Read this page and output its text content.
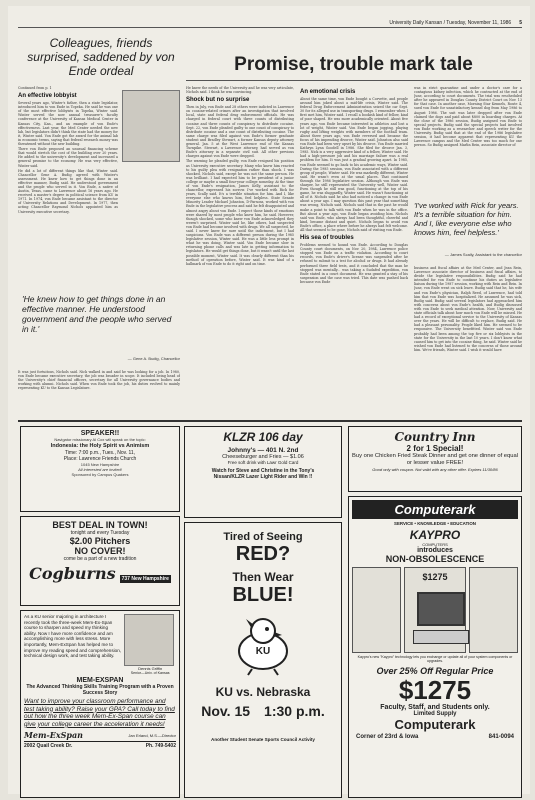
University Daily Kansan / Tuesday, November 11, 1986 5
Colleagues, friends surprised, saddened by von Ende ordeal	Promise, trouble mark tale

Continued from p. 1

An effective lobbyist

Several years ago, Winter's father, then a state legislator, introduced him to von Ende in Topeka. He said he was one of the most effective lobbyists in Topeka, Winter said. Winter served the now annual treasurer's faculty conference at the University of Kansas Medical Center in Kansas City, Kan., and an example of von Ende's effectiveness. Last year, the Med Center needed the new lab, but legislators didn't think the state had the money for it, Winter said. Von Ende got the award for the animal lab in economic terms, saying that federal research money was threatened without the new building.

There von Ende proposed an unusual financing scheme that would stretch the cost of the building over 20 years. He added to the university's development and increased a general promise to the economy. He was very effective, Winter said.

He did a lot of different things like that, Winter said. Chancellor Gene A. Budig agreed with Winter's assessment. He knew how to get things done in an effective manner, Budig said. He understood government and the people who served in it. Von Ende, a native of Austin, Texas, came to Lawrence about 16 years ago. He received a master's degree in political science from KU in 1971. In 1974, von Ende became assistant to the director of University Relations and Development. In 1977, then acting Chancellor Raymond Nichols appointed him as University executive secretary.

'He knew how to get things done in an effective manner. He understood government and the people who served in it.'
— Gene A. Budig, Chancellor

It was just fortuitous, Nichols said. Nick walked in and said he was looking for a job. In 1980, von Ende became executive secretary, the job was broader in scope. It included being head of the University's chief financial officers, secretary for all University governance bodies and working with alumni. Nichols said. When von Ende took the job, his duties evolved to mainly representing KU to the Kansas Legislature.

He knew the needs of the University and he was very articulate, Nichols said. I think he was convincing.

Shock but no surprise

Then in July, von Ende and 28 others were indicted in Lawrence on cocaine-related crimes after an investigation that involved local, state and federal drug enforcement officials. He was charged in federal court with three counts of distributing cocaine and three counts of conspiracy to distribute cocaine. Sept. 22, von Ende pleaded guilty to one count of conspiracy to distribute cocaine and a one count of distributing cocaine. The same charge was filed against von Ende's former graduate student and Bradley Stewart, a former Kansas deputy attorney general. Jan. 5 at the West Lawrence end of the Kansas Turnpike. Stewart, a Lawrence attorney, had served as von Ende's attorney in a separate civil suit. All other previous charges against von Ende were dropped.

The warning he pleaded guilty, von Ende resigned his position as University executive secretary. Many who knew him reacted to his guilty plea with resignation rather than shock. I was shocked, Nichols said, except he was not the same person. He was brilliant. I had expected him to be president of a junior college or maybe a small four-year college someday. At the time of von Ende's resignation, James Kelly, assistant to the chancellor, expressed his sorrow. I've worked with Rick for years, Scally said. It's a terrible situation for him. And I, like everyone else who knows him, feel helpless. State Senate Minority Leader Michael Johnston, D-Parsons, worked with von Ende in the legislative process and said he felt disappointed and almost angry about von Ende. I expect those kinds of emotions were shared by most people who knew him, he said. However, though shocked, some who knew von Ende acknowledged they weren't surprised. Winter said he, like others, had suspected von Ende had become involved with drugs. We all suspected, he said. I never knew for sure until the indictment, but I had suspicions. Von Ende was a different person during the 1985 legislative session, Winter said. He was a little less prompt in what he was doing, Winter said. Von Ende became slow in returning phone calls and was late in getting information to legislators. He would get things done, but it wasn't until the last possible moment, Winter said. It was clearly different than his method of operation before, Winter said. It was kind of a hallmark of von Ende to do it right and on time.

An emotional crisis

About the same time, von Ende bought a Corvette, and people around him joked about a mid-life crisis, Winter said. The federal Drug Enforcement Administration seized the car Sept. 30 for its alleged use in transporting drugs. I remember when I first met him, Winter said. I recall a bookish kind of fellow, kind of poor shaped. He was more academically oriented. About five years ago, von Ende became interested in athletics and lost a lot of weight, Winter said. Von Ende began jogging, playing rugby and lifting weights with members of the football team. About three years ago, von Ende reversed and became the focus of his impending divorce, Winter said. Johnston also said von Ende had been very upset by his divorce. Von Ende married Kathryn Lynn Goodell in 1986. She filed for divorce Jan. 3, 1985. Nick is a very aggressive kind of a fellow, Winter said. He had a high-pressure job and his marriage failure was a real problem for him. It was just a gradual growing apart. In 1985, von Ende seemed to go back to his academic ways, Winter said. During the 1985 session, von Ende associated with a different group of people, Winter said. He was markedly different, Winter said. He wasn't even at the usual places. That continued through the 1986 legislative session. Although von Ende was sharper, he still represented the University well, Winter said. Even though he still was good, functioning at the top of his game, he was sluggardly, Winter said. He wasn't functioning at all of it. Nichols said he also had noticed a change in von Ende about a year ago. I may question this past year that something was wrong, Nichols said. Nichols said that in the past he would make a point to talk with von Ende when he was in the office. But about a year ago, von Ende began avoiding him. Nichols said von Ende, who always had been thoughtful, cheerful and kind, became distant and quiet. Nichols began to avoid von Ende's office, a place where before he always had felt welcome. All that seemed to be gone, Nichols said of visiting von Ende.

His sea of troubles

Problems seemed to hound von Ende. According to Douglas County court documents, on Nov. 20, 1984, Lawrence police stopped von Ende on a traffic violation. According to court records, von Ende's driver's license was suspended after he refused to submit to a test for alcohol or drugs. It had already performed three field tests, and it concluded that the man he stopped was mentally... was taking a Sudafed expedition, von Ende stated in a court document. He was granted a stay of his suspension and the case was tried. This date was pushed back because von Ende

was in strict quarantine and under a doctor's care for a contagious kidney infection, which he contracted at the end of June, according to court documents. The trial was rescheduled after he appeared in Douglas County District Court on Nov. 13 for that case. In another case, Morning Star Kennels, Route 4, sued von Ende for unsatisfactory kennel dog from May 1986 to August 1986. The suit was later dropped after von Ende claimed the dogs and paid about $800 in boarding charges. At the close of the 1986 session, Budig assigned von Ende to special projects. Budig said the special projects had involved von Ende working as a researcher and speech writer for the University. Budig said that at the end of the 1986 legislative session, it had become apparent that representing KU the Lawrence campus and the Med Center was too much for one person. So Budig assigned Marlin Rein, associate director of

'I've worked with Rick for years. It's a terrible situation for him. And I, like everyone else who knows him, feel helpless.'
— James Scally, Assistant to the chancellor

business and fiscal affairs at the Med Center, and Jean Rein, Lawrence associate director of business and fiscal affairs, to divide the legislative responsibilities. Budig said he had intended for von Ende to continue his duties as legislative liaison during the 1987 session, working with Rein and Rein. In June, von Ende went on sick leave. Budig said that he, his wife and von Ende's physician, Ralph Reed, of Lawrence, had told him that von Ende was hospitalized. He assumed he was sick, Budig said. Budig said several legislators had approached him with concerns about von Ende's health, and Budig discussed with von Ende to seek medical attention. Now, University and state officials talk about how much von Ende will be missed. He had a record of exceptional service to the University of Kansas over the years. He will be difficult to replace, Budig said. He had a pleasant personality. People liked him. He seemed to be responsive. The University benefitted. Winter said von Ende probably had been among the top five or six lobbyists in the state for the University in the last 10 years. I don't know what caused him to get into the cocaine thing, he said. Winter said he wished von Ende had listened to the concerns of those around him. We're friends, Winter said. I wish it would have

SPEAKER!!
Navigator missionary Al Cox will speak on the topic:
Indonesia: the Holy Spirit vs Animism
Time: 7:00 p.m., Tues., Nov. 11,
Place: Lawrence Friends Church
1045 New Hampshire
All interested are invited!
Sponsored by Campus Quakers
BEST DEAL IN TOWN!
tonight and every Tuesday
$2.00 Pitchers
NO COVER!
come be a part of a new tradition
Cogburns	737 New Hampshire
As a KU senior majoring in architecture I recently took the three-week Mem-Ex-Span course to sharpen and speed my thinking ability. Now I have more confidence and am accomplishing more with less stress. More importantly, Mem-ExSpan has helped me to improve my reading speed and comprehension, technical design work, and test taking ability.
Dennis Griffin
Senior—Univ. of Kansas
MEM-EXSPAN
The Advanced Thinking Skills Training Program with a Proven Success Story
Want to improve your classroom performance and test taking ability? Raise your GPA? Call today to find out how the three week Mem-Ex-Span course can give your college career the acceleration it needs!
Mem-ExSpan	Jan Erland, M.S.—Director
2002 Quail Creek Dr.	Ph. 749-5402
KLZR 106 day
Johnny's — 401 N. 2nd
Cheeseburger and Fries — $1.06
Free soft drink with Lawr Gold Card
Watch for Steve and Christine in the Tony's
Nissan/KLZR Lazer Light Rider and Win !!
Tired of Seeing
RED?
Then Wear
BLUE!
KU
KU vs. Nebraska
Nov. 15 1:30 p.m.
Another Student Senate Sports Council Activity
Country Inn
2 for 1 Special!
Buy one Chicken Fried Steak Dinner and get one dinner of equal or lesser value FREE!
Good only with coupon. Not valid with any other offer. Expires 11/30/86
Computerark
SERVICE • KNOWLEDGE • EDUCATION
KAYPRO
COMPUTERS
introduces
NON-OBSOLESCENCE
$1275
Kaypro's new "Kaypro" technology lets you exchange or update all of your system components or upgrades.
Over 25% Off Regular Price
$1275
Faculty, Staff, and Students only.
Limited Supply
Computerark
Corner of 23rd & Iowa	841-0094
